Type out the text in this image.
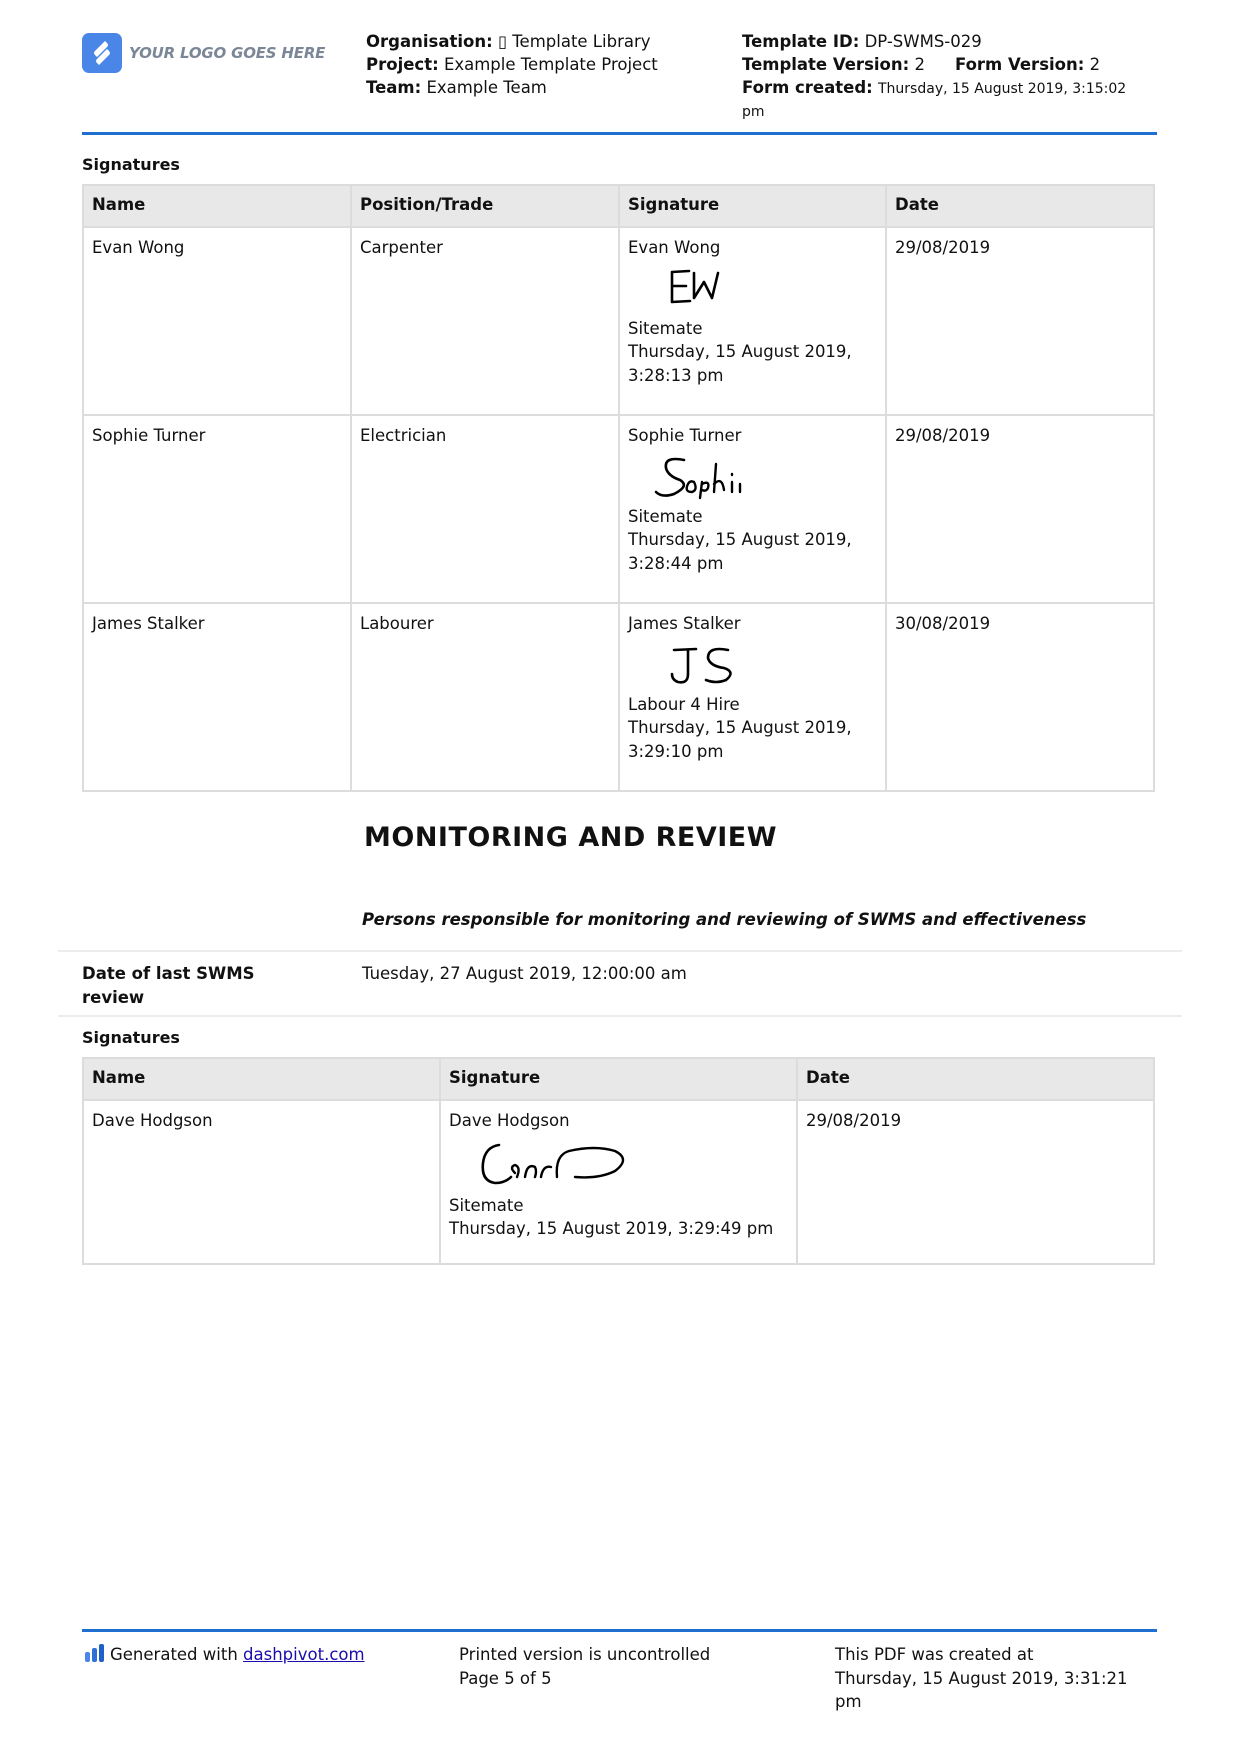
YOUR LOGO GOES HERE
Organisation: ▯ Template Library
Project: Example Template Project
Team: Example Team
Template ID: DP-SWMS-029
Template Version: 2 Form Version: 2
Form created: Thursday, 15 August 2019, 3:15:02
pm
Signatures
Name	Position/Trade	Signature	Date
Evan Wong	Carpenter	Evan Wong
Sitemate
Thursday, 15 August 2019,
3:28:13 pm	29/08/2019
Sophie Turner	Electrician	Sophie Turner
Sitemate
Thursday, 15 August 2019,
3:28:44 pm	29/08/2019
James Stalker	Labourer	James Stalker
Labour 4 Hire
Thursday, 15 August 2019,
3:29:10 pm	30/08/2019
MONITORING AND REVIEW
Persons responsible for monitoring and reviewing of SWMS and effectiveness
Date of last SWMS
review
Tuesday, 27 August 2019, 12:00:00 am
Signatures
Name	Signature	Date
Dave Hodgson	Dave Hodgson
Sitemate
Thursday, 15 August 2019, 3:29:49 pm	29/08/2019
Generated with dashpivot.com	Printed version is uncontrolled
Page 5 of 5
This PDF was created at
Thursday, 15 August 2019, 3:31:21
pm
